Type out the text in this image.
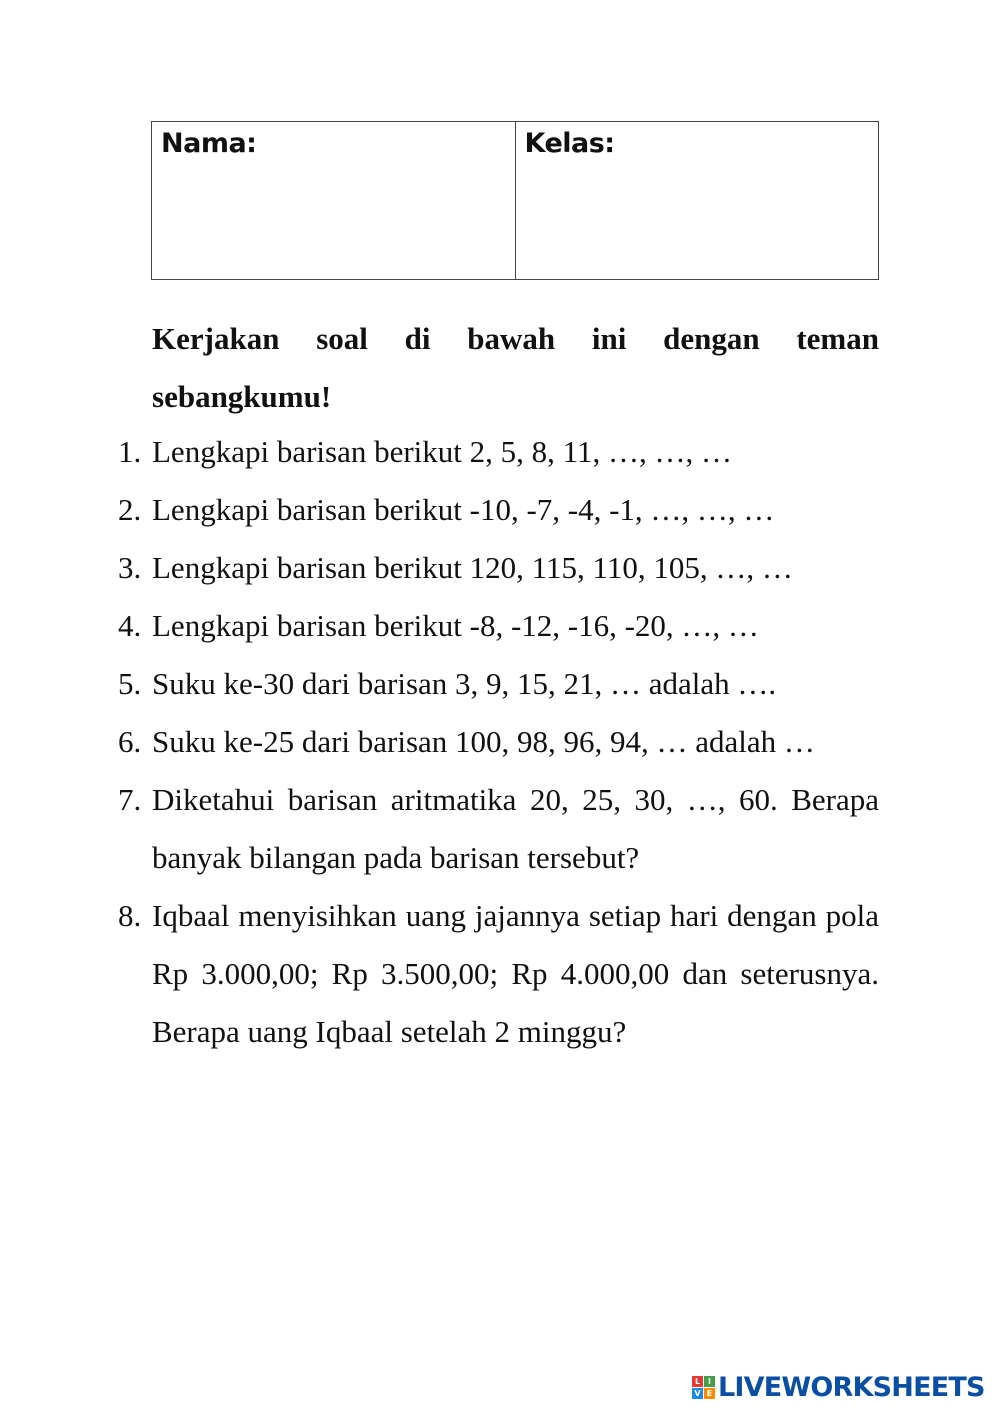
Nama:	Kelas:
Kerjakan soal di bawah ini dengan teman sebangkumu!
1. Lengkapi barisan berikut 2, 5, 8, 11, …, …, …
2. Lengkapi barisan berikut -10, -7, -4, -1, …, …, …
3. Lengkapi barisan berikut 120, 115, 110, 105, …, …
4. Lengkapi barisan berikut -8, -12, -16, -20, …, …
5. Suku ke-30 dari barisan 3, 9, 15, 21, … adalah ….
6. Suku ke-25 dari barisan 100, 98, 96, 94, … adalah …
7. Diketahui barisan aritmatika 20, 25, 30, …, 60. Berapa banyak bilangan pada barisan tersebut?
8. Iqbaal menyisihkan uang jajannya setiap hari dengan pola Rp 3.000,00; Rp 3.500,00; Rp 4.000,00 dan seterusnya. Berapa uang Iqbaal setelah 2 minggu?
L I
V E LIVEWORKSHEETS
